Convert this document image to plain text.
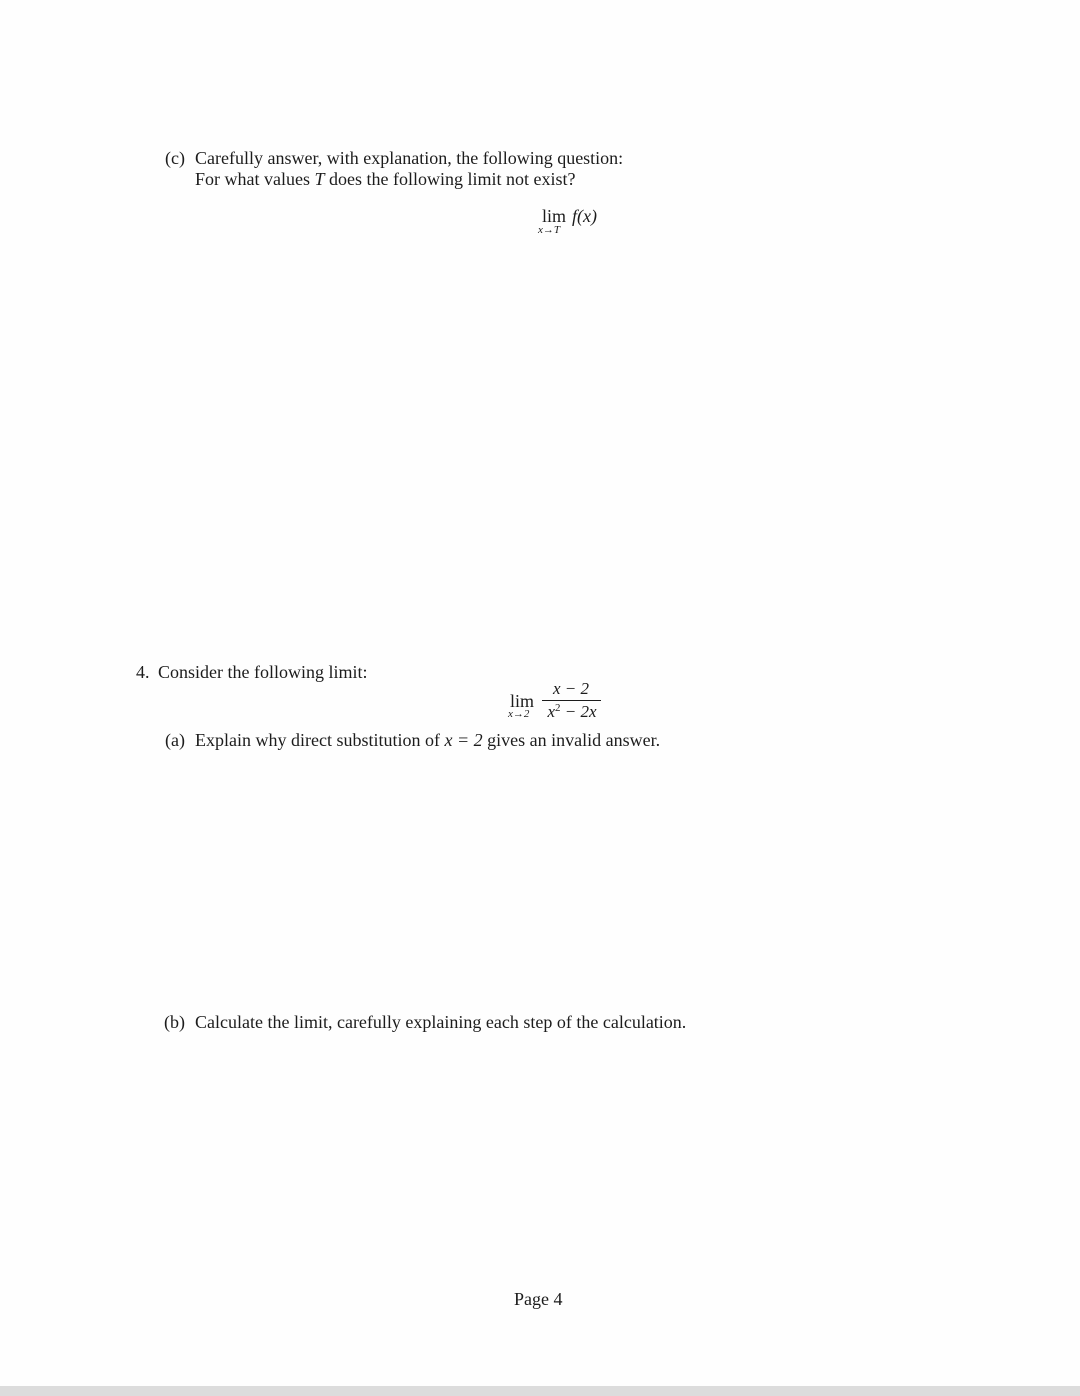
(c) Carefully answer, with explanation, the following question:
For what values T does the following limit not exist?
lim f(x)
x→T
4. Consider the following limit:
lim
x→2
x − 2
$x^2 - 2x$
(a) Explain why direct substitution of x = 2 gives an invalid answer.
(b) Calculate the limit, carefully explaining each step of the calculation.
Page 4
